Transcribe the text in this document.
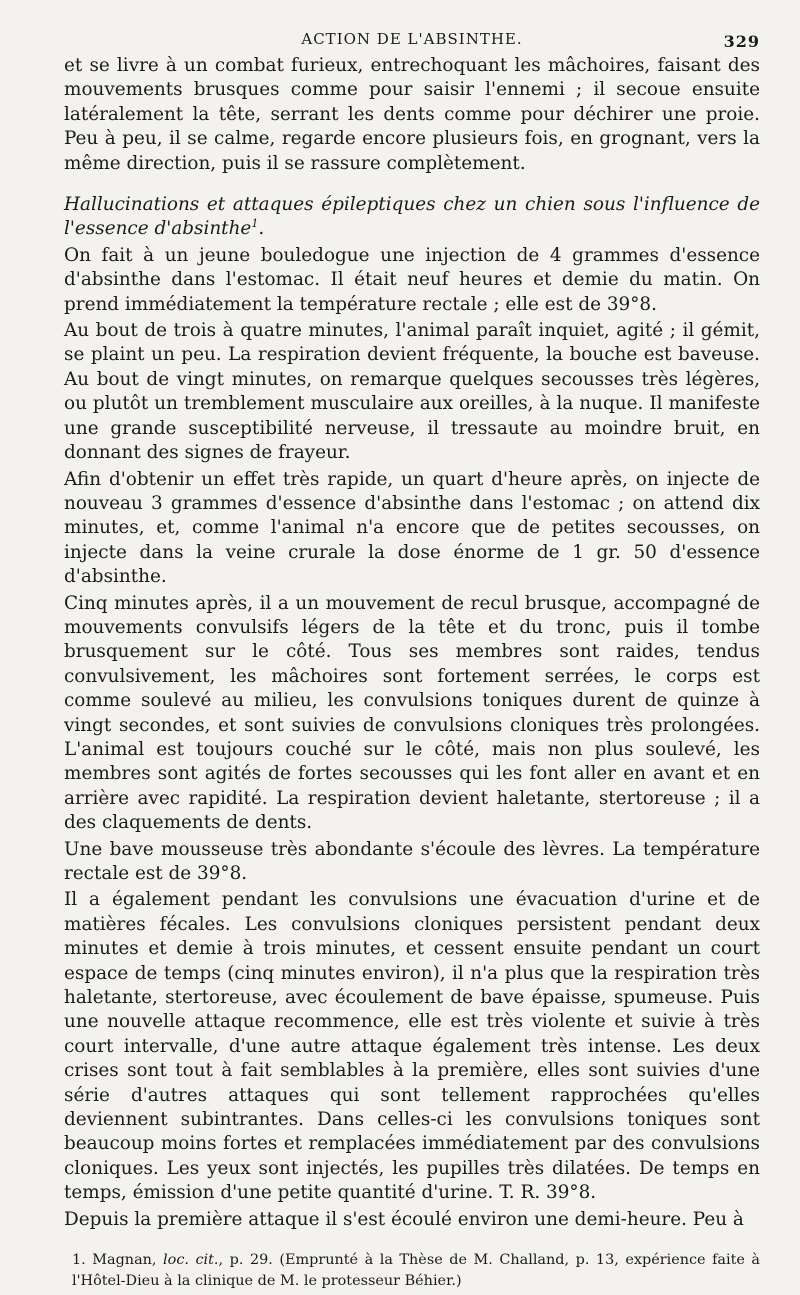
ACTION DE L'ABSINTHE.	329

et se livre à un combat furieux, entrechoquant les mâchoires, faisant des mouvements brusques comme pour saisir l'ennemi ; il secoue ensuite latéralement la tête, serrant les dents comme pour déchirer une proie. Peu à peu, il se calme, regarde encore plusieurs fois, en grognant, vers la même direction, puis il se rassure complètement.

Hallucinations et attaques épileptiques chez un chien sous l'influence de l'essence d'absinthe$^1$.

On fait à un jeune bouledogue une injection de 4 grammes d'essence d'absinthe dans l'estomac. Il était neuf heures et demie du matin. On prend immédiatement la température rectale ; elle est de 39°8.

Au bout de trois à quatre minutes, l'animal paraît inquiet, agité ; il gémit, se plaint un peu. La respiration devient fréquente, la bouche est baveuse. Au bout de vingt minutes, on remarque quelques secousses très légères, ou plutôt un tremblement musculaire aux oreilles, à la nuque. Il manifeste une grande susceptibilité nerveuse, il tressaute au moindre bruit, en donnant des signes de frayeur.

Afin d'obtenir un effet très rapide, un quart d'heure après, on injecte de nouveau 3 grammes d'essence d'absinthe dans l'estomac ; on attend dix minutes, et, comme l'animal n'a encore que de petites secousses, on injecte dans la veine crurale la dose énorme de 1 gr. 50 d'essence d'absinthe.

Cinq minutes après, il a un mouvement de recul brusque, accompagné de mouvements convulsifs légers de la tête et du tronc, puis il tombe brusquement sur le côté. Tous ses membres sont raides, tendus convulsivement, les mâchoires sont fortement serrées, le corps est comme soulevé au milieu, les convulsions toniques durent de quinze à vingt secondes, et sont suivies de convulsions cloniques très prolongées. L'animal est toujours couché sur le côté, mais non plus soulevé, les membres sont agités de fortes secousses qui les font aller en avant et en arrière avec rapidité. La respiration devient haletante, stertoreuse ; il a des claquements de dents.

Une bave mousseuse très abondante s'écoule des lèvres. La température rectale est de 39°8.

Il a également pendant les convulsions une évacuation d'urine et de matières fécales. Les convulsions cloniques persistent pendant deux minutes et demie à trois minutes, et cessent ensuite pendant un court espace de temps (cinq minutes environ), il n'a plus que la respiration très haletante, stertoreuse, avec écoulement de bave épaisse, spumeuse. Puis une nouvelle attaque recommence, elle est très violente et suivie à très court intervalle, d'une autre attaque également très intense. Les deux crises sont tout à fait semblables à la première, elles sont suivies d'une série d'autres attaques qui sont tellement rapprochées qu'elles deviennent subintrantes. Dans celles-ci les convulsions toniques sont beaucoup moins fortes et remplacées immédiatement par des convulsions cloniques. Les yeux sont injectés, les pupilles très dilatées. De temps en temps, émission d'une petite quantité d'urine. T. R. 39°8.

Depuis la première attaque il s'est écoulé environ une demi-heure. Peu à

1. Magnan, loc. cit., p. 29. (Emprunté à la Thèse de M. Challand, p. 13, expérience faite à l'Hôtel-Dieu à la clinique de M. le protesseur Béhier.)
